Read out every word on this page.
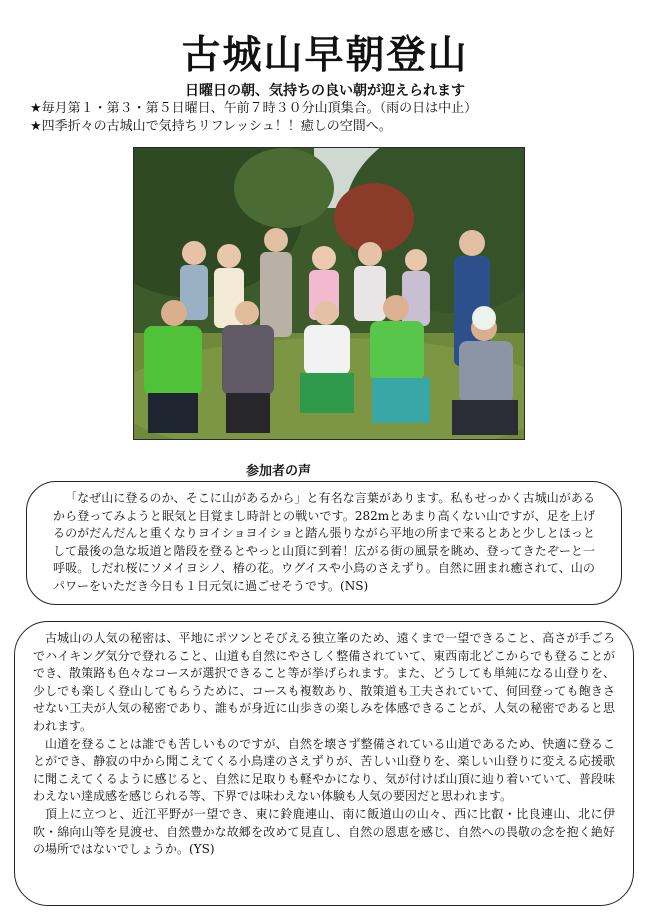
古城山早朝登山
日曜日の朝、気持ちの良い朝が迎えられます
★毎月第１・第３・第５日曜日、午前７時３０分山頂集合。（雨の日は中止）
★四季折々の古城山で気持ちリフレッシュ！！癒しの空間へ。
参加者の声

「なぜ山に登るのか、そこに山があるから」と有名な言葉があります。私もせっかく古城山があるから登ってみようと眠気と目覚まし時計との戦いです。282mとあまり高くない山ですが、足を上げるのがだんだんと重くなりヨイショヨイショと踏ん張りながら平地の所まで来るとあと少しとほっとして最後の急な坂道と階段を登るとやっと山頂に到着！広がる街の風景を眺め、登ってきたぞーと一呼吸。しだれ桜にソメイヨシノ、椿の花。ウグイスや小鳥のさえずり。自然に囲まれ癒されて、山のパワーをいただき今日も１日元気に過ごせそうです。(NS)

古城山の人気の秘密は、平地にポツンとそびえる独立峯のため、遠くまで一望できること、高さが手ごろでハイキング気分で登れること、山道も自然にやさしく整備されていて、東西南北どこからでも登ることができ、散策路も色々なコースが選択できること等が挙げられます。また、どうしても単純になる山登りを、少しでも楽しく登山してもらうために、コースも複数あり、散策道も工夫されていて、何回登っても飽きさせない工夫が人気の秘密であり、誰もが身近に山歩きの楽しみを体感できることが、人気の秘密であると思われます。

山道を登ることは誰でも苦しいものですが、自然を壊さず整備されている山道であるため、快適に登ることができ、静寂の中から聞こえてくる小鳥達のさえずりが、苦しい山登りを、楽しい山登りに変える応援歌に聞こえてくるように感じると、自然に足取りも軽やかになり、気が付けば山頂に辿り着いていて、普段味わえない達成感を感じられる等、下界では味わえない体験も人気の要因だと思われます。

頂上に立つと、近江平野が一望でき、東に鈴鹿連山、南に飯道山の山々、西に比叡・比良連山、北に伊吹・綿向山等を見渡せ、自然豊かな故郷を改めて見直し、自然の恩恵を感じ、自然への畏敬の念を抱く絶好の場所ではないでしょうか。(YS)
